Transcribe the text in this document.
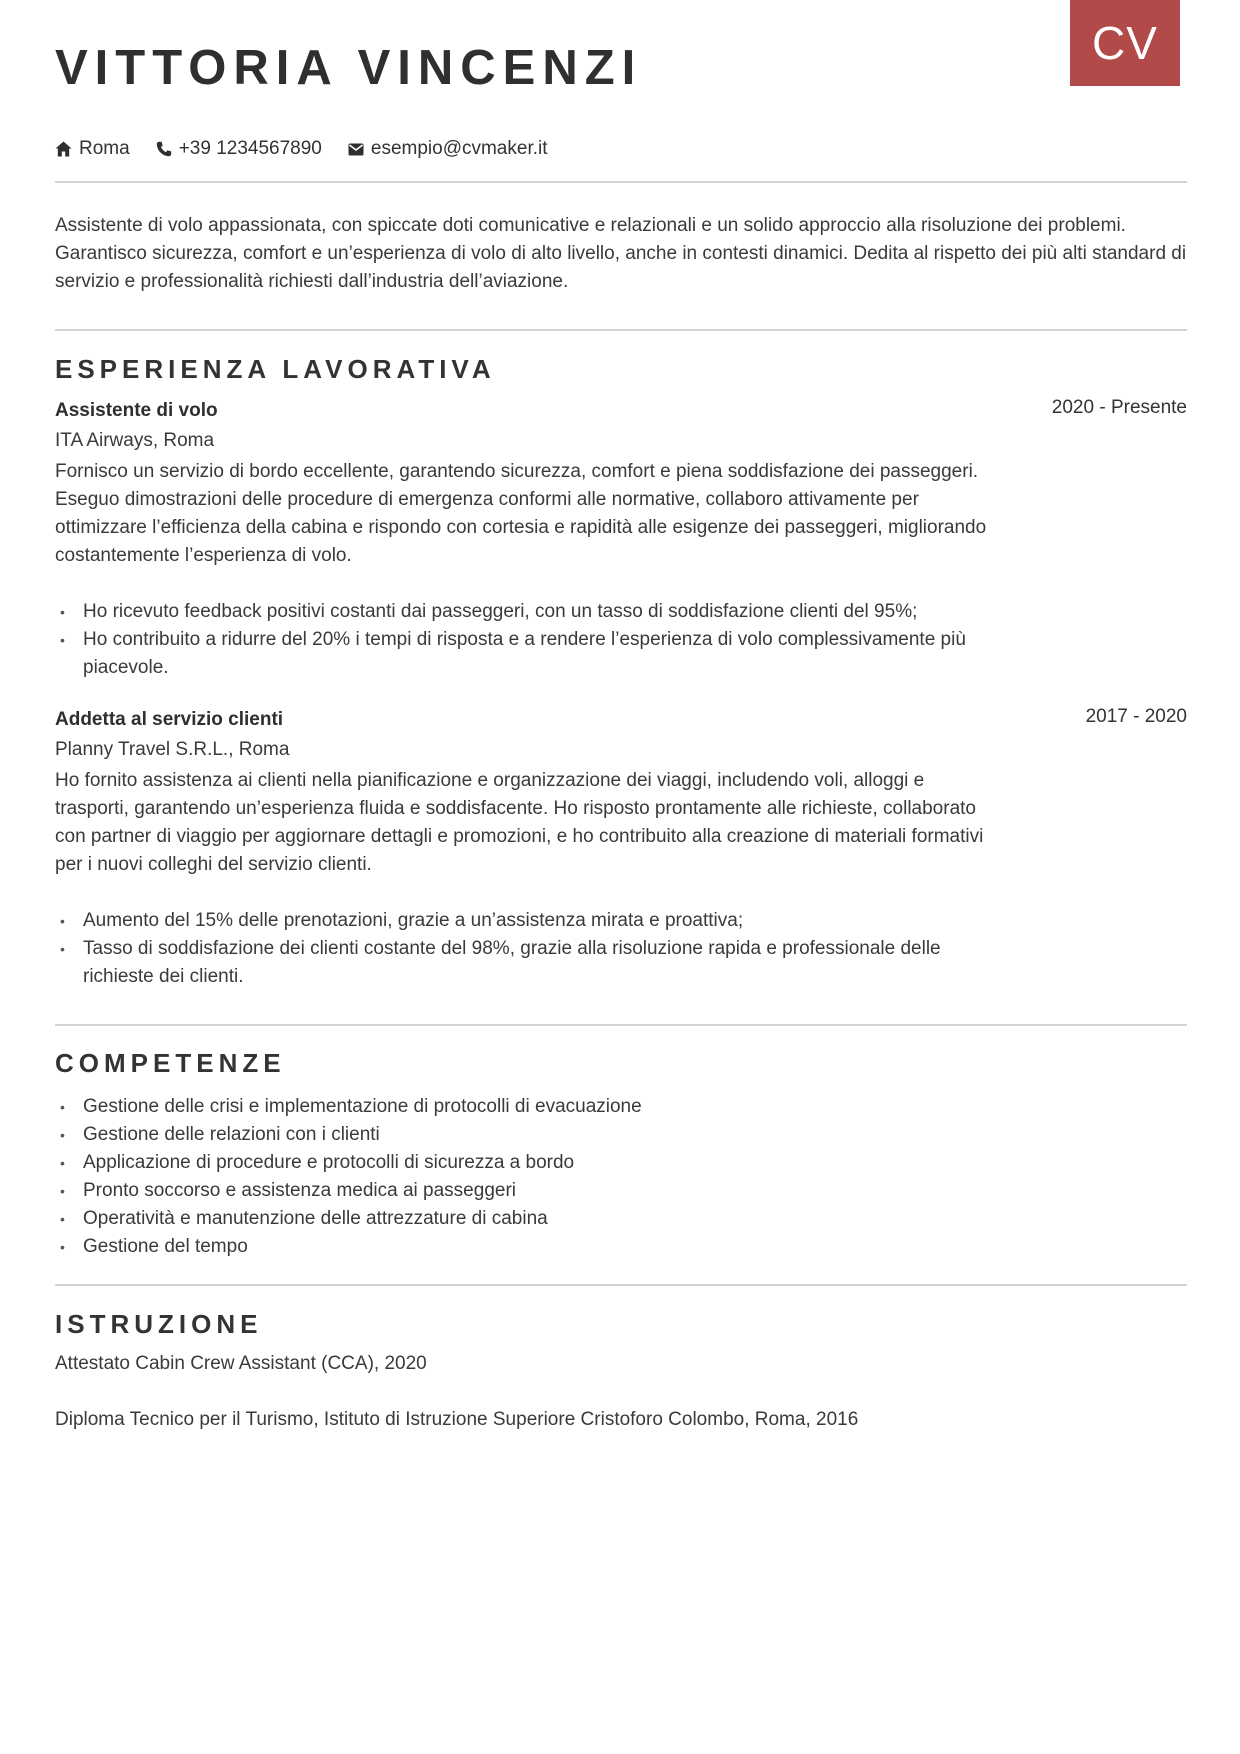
CV
VITTORIA VINCENZI
Roma	+39 1234567890	esempio@cvmaker.it

Assistente di volo appassionata, con spiccate doti comunicative e relazionali e un solido approccio alla risoluzione dei problemi. Garantisco sicurezza, comfort e un’esperienza di volo di alto livello, anche in contesti dinamici. Dedita al rispetto dei più alti standard di servizio e professionalità richiesti dall’industria dell’aviazione.

ESPERIENZA LAVORATIVA
Assistente di volo	2020 - Presente
ITA Airways, Roma

Fornisco un servizio di bordo eccellente, garantendo sicurezza, comfort e piena soddisfazione dei passeggeri. Eseguo dimostrazioni delle procedure di emergenza conformi alle normative, collaboro attivamente per ottimizzare l’efficienza della cabina e rispondo con cortesia e rapidità alle esigenze dei passeggeri, migliorando costantemente l’esperienza di volo.

• Ho ricevuto feedback positivi costanti dai passeggeri, con un tasso di soddisfazione clienti del 95%;
• Ho contribuito a ridurre del 20% i tempi di risposta e a rendere l’esperienza di volo complessivamente più piacevole.
Addetta al servizio clienti	2017 - 2020
Planny Travel S.R.L., Roma

Ho fornito assistenza ai clienti nella pianificazione e organizzazione dei viaggi, includendo voli, alloggi e trasporti, garantendo un’esperienza fluida e soddisfacente. Ho risposto prontamente alle richieste, collaborato con partner di viaggio per aggiornare dettagli e promozioni, e ho contribuito alla creazione di materiali formativi per i nuovi colleghi del servizio clienti.

• Aumento del 15% delle prenotazioni, grazie a un’assistenza mirata e proattiva;
• Tasso di soddisfazione dei clienti costante del 98%, grazie alla risoluzione rapida e professionale delle richieste dei clienti.
COMPETENZE
• Gestione delle crisi e implementazione di protocolli di evacuazione
• Gestione delle relazioni con i clienti
• Applicazione di procedure e protocolli di sicurezza a bordo
• Pronto soccorso e assistenza medica ai passeggeri
• Operatività e manutenzione delle attrezzature di cabina
• Gestione del tempo
ISTRUZIONE
Attestato Cabin Crew Assistant (CCA), 2020
Diploma Tecnico per il Turismo, Istituto di Istruzione Superiore Cristoforo Colombo, Roma, 2016
